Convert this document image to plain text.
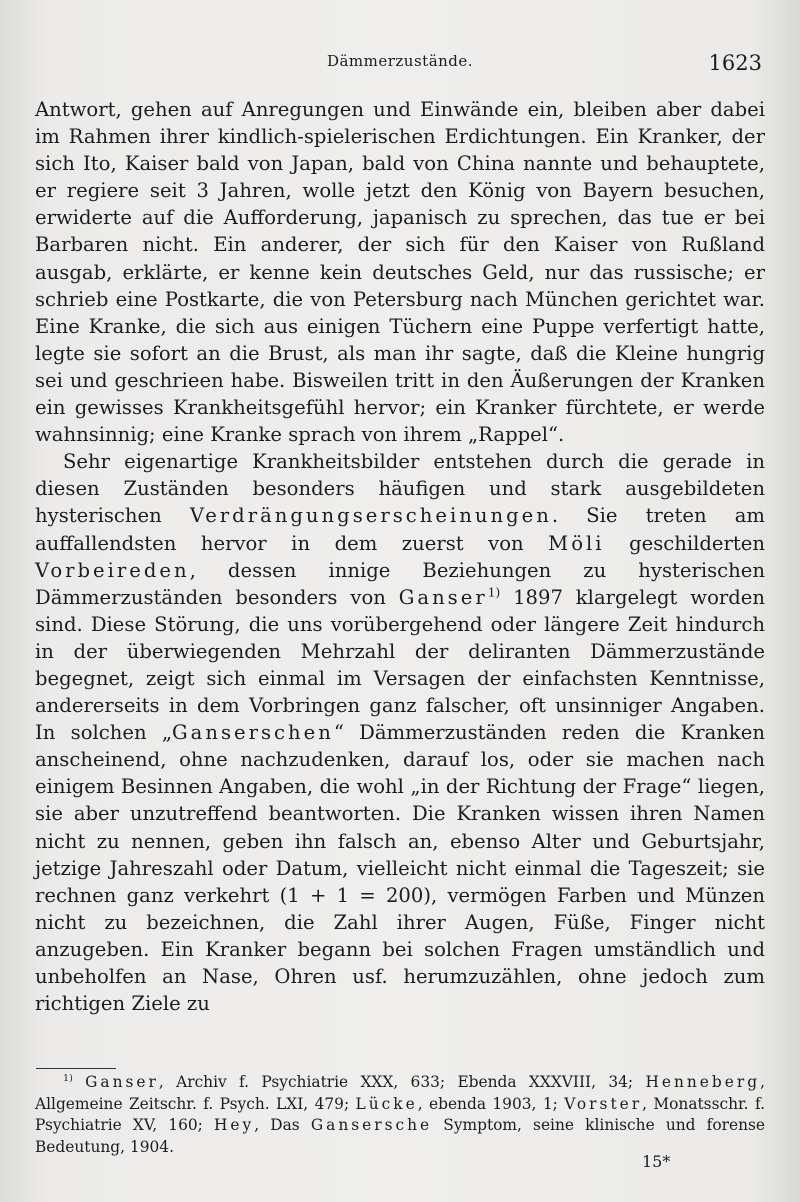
Dämmerzustände.	1623

Antwort, gehen auf Anregungen und Einwände ein, bleiben aber dabei im Rahmen ihrer kindlich-spielerischen Erdichtungen. Ein Kranker, der sich Ito, Kaiser bald von Japan, bald von China nannte und behauptete, er regiere seit 3 Jahren, wolle jetzt den König von Bayern besuchen, erwiderte auf die Aufforderung, japanisch zu sprechen, das tue er bei Barbaren nicht. Ein anderer, der sich für den Kaiser von Rußland ausgab, erklärte, er kenne kein deutsches Geld, nur das russische; er schrieb eine Postkarte, die von Petersburg nach München gerichtet war. Eine Kranke, die sich aus einigen Tüchern eine Puppe verfertigt hatte, legte sie sofort an die Brust, als man ihr sagte, daß die Kleine hungrig sei und geschrieen habe. Bisweilen tritt in den Äußerungen der Kranken ein gewisses Krankheitsgefühl hervor; ein Kranker fürchtete, er werde wahnsinnig; eine Kranke sprach von ihrem „Rappel“.

Sehr eigenartige Krankheitsbilder entstehen durch die gerade in diesen Zuständen besonders häufigen und stark ausgebildeten hysterischen Verdrängungserscheinungen. Sie treten am auffallendsten hervor in dem zuerst von Möli geschilderten Vorbeireden, dessen innige Beziehungen zu hysterischen Dämmerzuständen besonders von Ganser$^{1)}$ 1897 klargelegt worden sind. Diese Störung, die uns vorübergehend oder längere Zeit hindurch in der überwiegenden Mehrzahl der deliranten Dämmerzustände begegnet, zeigt sich einmal im Versagen der einfachsten Kenntnisse, andererseits in dem Vorbringen ganz falscher, oft unsinniger Angaben. In solchen „Ganserschen“ Dämmerzuständen reden die Kranken anscheinend, ohne nachzudenken, darauf los, oder sie machen nach einigem Besinnen Angaben, die wohl „in der Richtung der Frage“ liegen, sie aber unzutreffend beantworten. Die Kranken wissen ihren Namen nicht zu nennen, geben ihn falsch an, ebenso Alter und Geburtsjahr, jetzige Jahreszahl oder Datum, vielleicht nicht einmal die Tageszeit; sie rechnen ganz verkehrt (1 + 1 = 200), vermögen Farben und Münzen nicht zu bezeichnen, die Zahl ihrer Augen, Füße, Finger nicht anzugeben. Ein Kranker begann bei solchen Fragen umständlich und unbeholfen an Nase, Ohren usf. herumzuzählen, ohne jedoch zum richtigen Ziele zu

$^{1)}$ Ganser, Archiv f. Psychiatrie XXX, 633; Ebenda XXXVIII, 34; Henneberg, Allgemeine Zeitschr. f. Psych. LXI, 479; Lücke, ebenda 1903, 1; Vorster, Monatsschr. f. Psychiatrie XV, 160; Hey, Das Gansersche Symptom, seine klinische und forense Bedeutung, 1904.

15*
